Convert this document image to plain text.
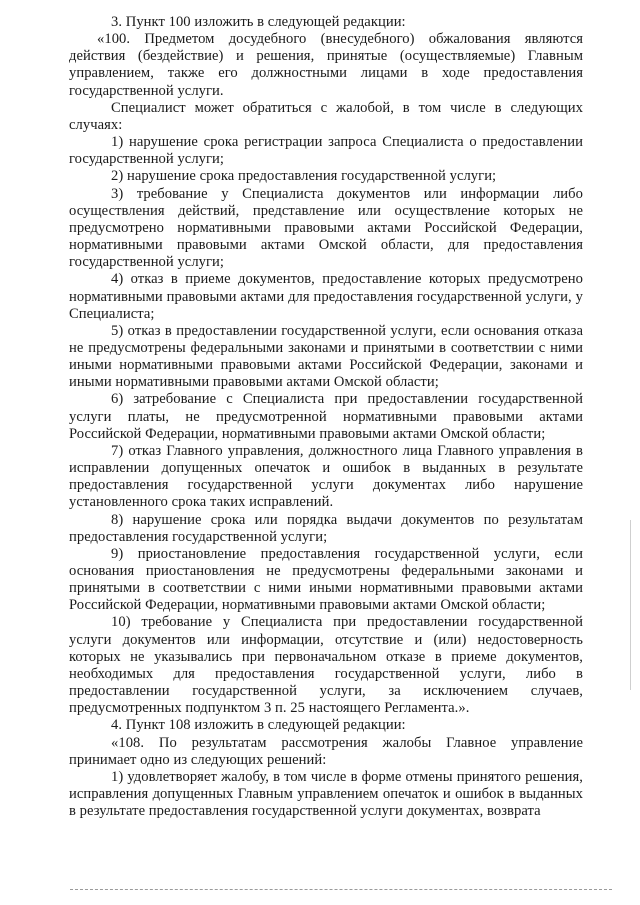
3. Пункт 100 изложить в следующей редакции:

«100. Предметом досудебного (внесудебного) обжалования являются действия (бездействие) и решения, принятые (осуществляемые) Главным управлением, также его должностными лицами в ходе предоставления государственной услуги.

Специалист может обратиться с жалобой, в том числе в следующих случаях:

1) нарушение срока регистрации запроса Специалиста о предоставлении государственной услуги;

2) нарушение срока предоставления государственной услуги;

3) требование у Специалиста документов или информации либо осуществления действий, представление или осуществление которых не предусмотрено нормативными правовыми актами Российской Федерации, нормативными правовыми актами Омской области, для предоставления государственной услуги;

4) отказ в приеме документов, предоставление которых предусмотрено нормативными правовыми актами для предоставления государственной услуги, у Специалиста;

5) отказ в предоставлении государственной услуги, если основания отказа не предусмотрены федеральными законами и принятыми в соответствии с ними иными нормативными правовыми актами Российской Федерации, законами и иными нормативными правовыми актами Омской области;

6) затребование с Специалиста при предоставлении государственной услуги платы, не предусмотренной нормативными правовыми актами Российской Федерации, нормативными правовыми актами Омской области;

7) отказ Главного управления, должностного лица Главного управления в исправлении допущенных опечаток и ошибок в выданных в результате предоставления государственной услуги документах либо нарушение установленного срока таких исправлений.

8) нарушение срока или порядка выдачи документов по результатам предоставления государственной услуги;

9) приостановление предоставления государственной услуги, если основания приостановления не предусмотрены федеральными законами и принятыми в соответствии с ними иными нормативными правовыми актами Российской Федерации, нормативными правовыми актами Омской области;

10) требование у Специалиста при предоставлении государственной услуги документов или информации, отсутствие и (или) недостоверность которых не указывались при первоначальном отказе в приеме документов, необходимых для предоставления государственной услуги, либо в предоставлении государственной услуги, за исключением случаев, предусмотренных подпунктом 3 п. 25 настоящего Регламента.».

4. Пункт 108 изложить в следующей редакции:

«108. По результатам рассмотрения жалобы Главное управление принимает одно из следующих решений:

1) удовлетворяет жалобу, в том числе в форме отмены принятого решения, исправления допущенных Главным управлением опечаток и ошибок в выданных в результате предоставления государственной услуги документах, возврата
